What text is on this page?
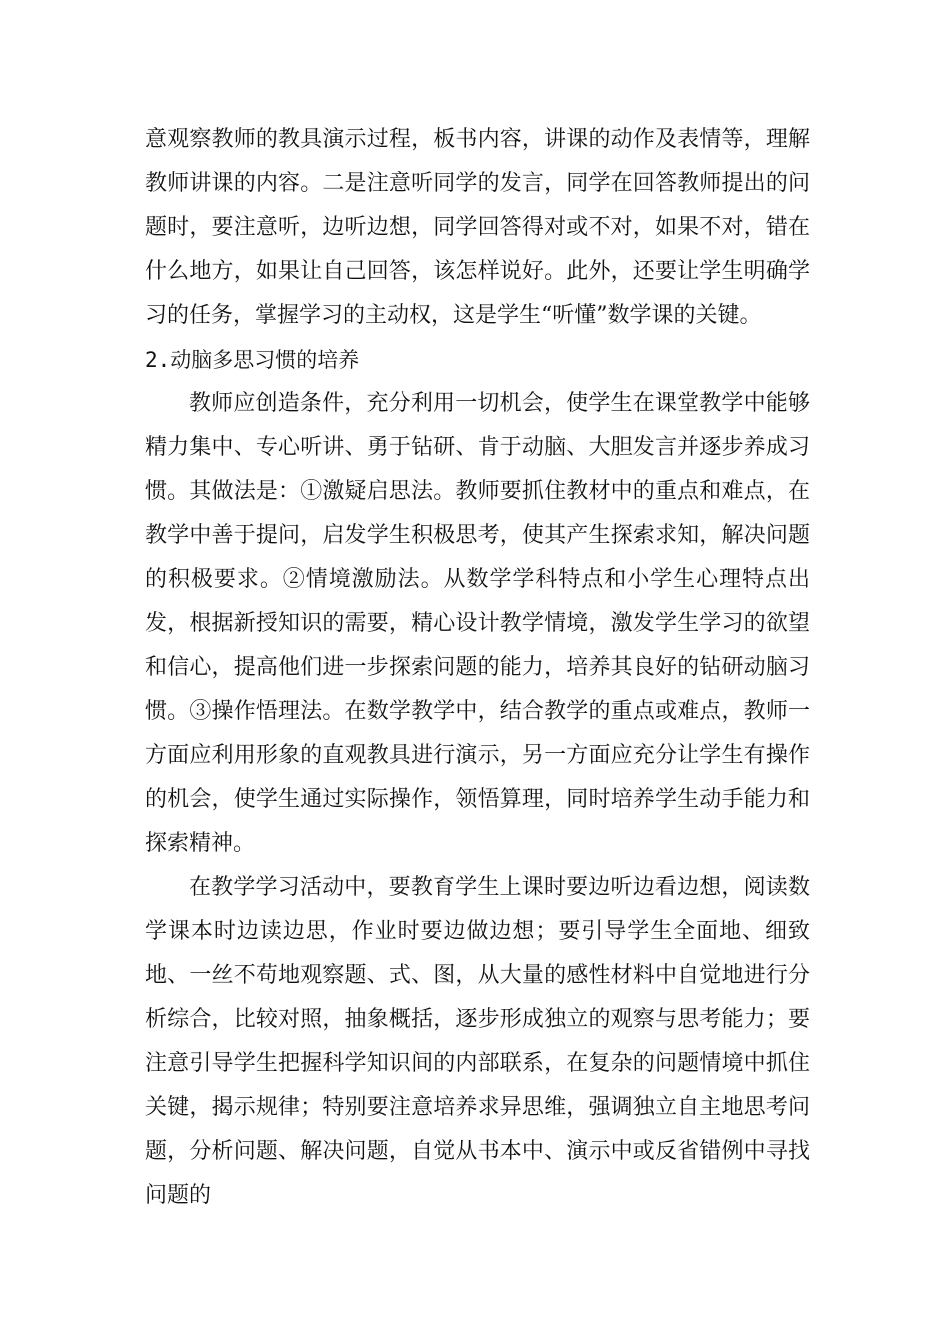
意观察教师的教具演示过程，板书内容，讲课的动作及表情等，理解教师讲课的内容。二是注意听同学的发言，同学在回答教师提出的问题时，要注意听，边听边想，同学回答得对或不对，如果不对，错在什么地方，如果让自己回答，该怎样说好。此外，还要让学生明确学习的任务，掌握学习的主动权，这是学生“听懂”数学课的关键。

2.动脑多思习惯的培养

教师应创造条件，充分利用一切机会，使学生在课堂教学中能够精力集中、专心听讲、勇于钻研、肯于动脑、大胆发言并逐步养成习惯。其做法是：①激疑启思法。教师要抓住教材中的重点和难点，在教学中善于提问，启发学生积极思考，使其产生探索求知，解决问题的积极要求。②情境激励法。从数学学科特点和小学生心理特点出发，根据新授知识的需要，精心设计教学情境，激发学生学习的欲望和信心，提高他们进一步探索问题的能力，培养其良好的钻研动脑习惯。③操作悟理法。在数学教学中，结合教学的重点或难点，教师一方面应利用形象的直观教具进行演示，另一方面应充分让学生有操作的机会，使学生通过实际操作，领悟算理，同时培养学生动手能力和探索精神。

在教学学习活动中，要教育学生上课时要边听边看边想，阅读数学课本时边读边思，作业时要边做边想；要引导学生全面地、细致地、一丝不苟地观察题、式、图，从大量的感性材料中自觉地进行分析综合，比较对照，抽象概括，逐步形成独立的观察与思考能力；要注意引导学生把握科学知识间的内部联系，在复杂的问题情境中抓住关键，揭示规律；特别要注意培养求异思维，强调独立自主地思考问题，分析问题、解决问题，自觉从书本中、演示中或反省错例中寻找问题的
